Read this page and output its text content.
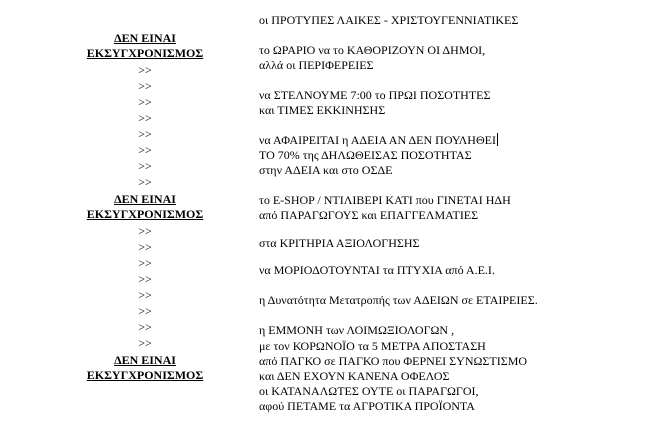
ΔΕΝ ΕΙΝΑΙ
ΕΚΣΥΓΧΡΟΝΙΣΜΟΣ
>>
>>
>>
>>
>>
>>
>>
>>
ΔΕΝ ΕΙΝΑΙ
ΕΚΣΥΓΧΡΟΝΙΣΜΟΣ
>>
>>
>>
>>
>>
>>
>>
>>
ΔΕΝ ΕΙΝΑΙ
ΕΚΣΥΓΧΡΟΝΙΣΜΟΣ
οι ΠΡΟΤΥΠΕΣ ΛΑΙΚΕΣ - ΧΡΙΣΤΟΥΓΕΝΝΙΑΤΙΚΕΣ
το ΩΡΑΡΙΟ να το ΚΑΘΟΡΙΖΟΥΝ ΟΙ ΔΗΜΟΙ,
αλλά οι ΠΕΡΙΦΕΡΕΙΕΣ
να ΣΤΕΛΝΟΥΜΕ 7:00 το ΠΡΩΙ ΠΟΣΟΤΗΤΕΣ
και ΤΙΜΕΣ ΕΚΚΙΝΗΣΗΣ
να ΑΦΑΙΡΕΙΤΑΙ η ΑΔΕΙΑ ΑΝ ΔΕΝ ΠΟΥΛΗΘΕΙ
ΤΟ 70% της ΔΗΛΩΘΕΙΣΑΣ ΠΟΣΟΤΗΤΑΣ
στην ΑΔΕΙΑ και στο ΟΣΔΕ
το E-SHOP / ΝΤΙΛΙΒΕΡΙ ΚΑΤΙ που ΓΙΝΕΤΑΙ ΗΔΗ
από ΠΑΡΑΓΩΓΟΥΣ και ΕΠΑΓΓΕΛΜΑΤΙΕΣ
στα ΚΡΙΤΗΡΙΑ ΑΞΙΟΛΟΓΗΣΗΣ
να ΜΟΡΙΟΔΟΤΟΥΝΤΑΙ τα ΠΤΥΧΙΑ από Α.Ε.Ι.
η Δυνατότητα Μετατροπής των ΑΔΕΙΩΝ σε ΕΤΑΙΡΕΙΕΣ.
η ΕΜΜΟΝΗ των ΛΟΙΜΩΞΙΟΛΟΓΩΝ ,
με τον ΚΟΡΩΝΟΪΟ τα 5 ΜΕΤΡΑ ΑΠΟΣΤΑΣΗ
από ΠΑΓΚΟ σε ΠΑΓΚΟ που ΦΕΡΝΕΙ ΣΥΝΩΣΤΙΣΜΟ
και ΔΕΝ ΕΧΟΥΝ ΚΑΝΕΝΑ ΟΦΕΛΟΣ
οι ΚΑΤΑΝΑΛΩΤΕΣ ΟΥΤΕ οι ΠΑΡΑΓΩΓΟΙ,
αφού ΠΕΤΑΜΕ τα ΑΓΡΟΤΙΚΑ ΠΡΟΪΟΝΤΑ
